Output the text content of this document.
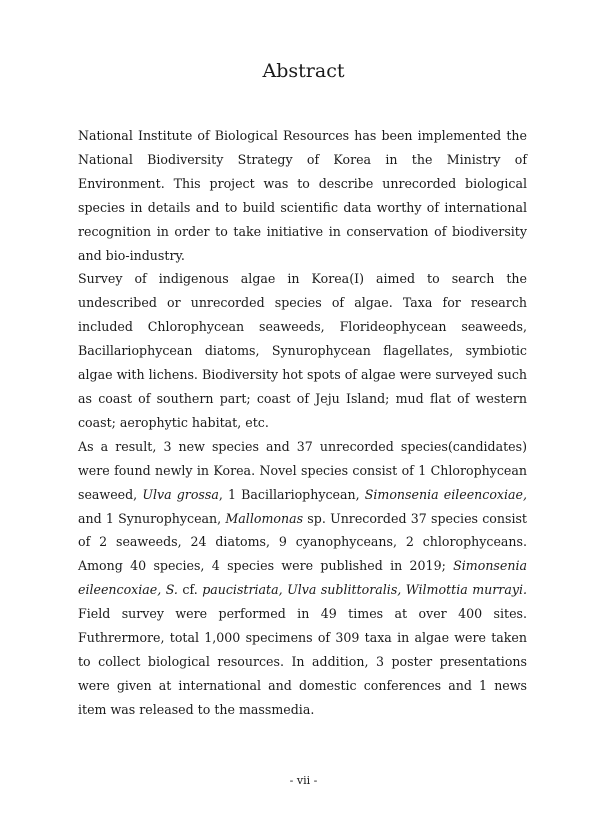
Abstract

National Institute of Biological Resources has been implemented the National Biodiversity Strategy of Korea in the Ministry of Environment. This project was to describe unrecorded biological species in details and to build scientific data worthy of international recognition in order to take initiative in conservation of biodiversity and bio-industry.

Survey of indigenous algae in Korea(I) aimed to search the undescribed or unrecorded species of algae. Taxa for research included Chlorophycean seaweeds, Florideophycean seaweeds, Bacillariophycean diatoms, Synurophycean flagellates, symbiotic algae with lichens. Biodiversity hot spots of algae were surveyed such as coast of southern part; coast of Jeju Island; mud flat of western coast; aerophytic habitat, etc.

As a result, 3 new species and 37 unrecorded species(candidates) were found newly in Korea. Novel species consist of 1 Chlorophycean seaweed, Ulva grossa, 1 Bacillariophycean, Simonsenia eileencoxiae, and 1 Synurophycean, Mallomonas sp. Unrecorded 37 species consist of 2 seaweeds, 24 diatoms, 9 cyanophyceans, 2 chlorophyceans. Among 40 species, 4 species were published in 2019; Simonsenia eileencoxiae, S. cf. paucistriata, Ulva sublittoralis, Wilmottia murrayi. Field survey were performed in 49 times at over 400 sites. Futhrermore, total 1,000 specimens of 309 taxa in algae were taken to collect biological resources. In addition, 3 poster presentations were given at international and domestic conferences and 1 news item was released to the massmedia.

- vii -
